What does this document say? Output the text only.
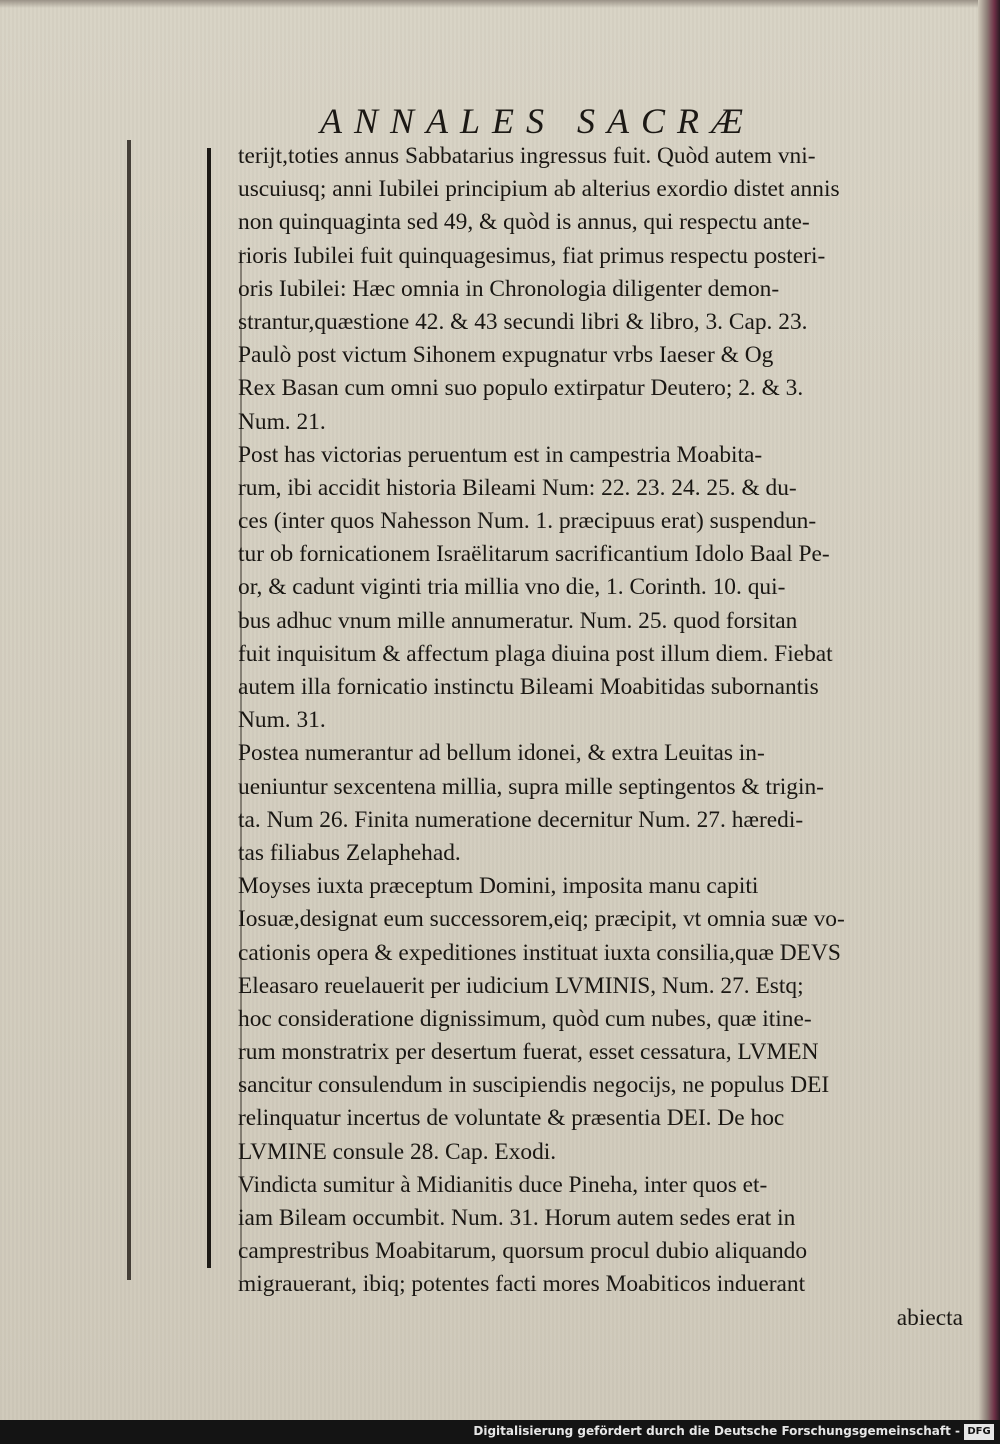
ANNALES SACRÆ
terijt,toties annus Sabbatarius ingressus fuit. Quòd autem vni-
uscuiusq; anni Iubilei principium ab alterius exordio distet annis
non quinquaginta sed 49, & quòd is annus, qui respectu ante-
rioris Iubilei fuit quinquagesimus, fiat primus respectu posteri-
oris Iubilei: Hæc omnia in Chronologia diligenter demon-
strantur,quæstione 42. & 43 secundi libri & libro, 3. Cap. 23.
Paulò post victum Sihonem expugnatur vrbs Iaeser & Og
Rex Basan cum omni suo populo extirpatur Deutero; 2. & 3.
Num. 21.
Post has victorias peruentum est in campestria Moabita-
rum, ibi accidit historia Bileami Num: 22. 23. 24. 25. & du-
ces (inter quos Nahesson Num. 1. præcipuus erat) suspendun-
tur ob fornicationem Israëlitarum sacrificantium Idolo Baal Pe-
or, & cadunt viginti tria millia vno die, 1. Corinth. 10. qui-
bus adhuc vnum mille annumeratur. Num. 25. quod forsitan
fuit inquisitum & affectum plaga diuina post illum diem. Fiebat
autem illa fornicatio instinctu Bileami Moabitidas subornantis
Num. 31.
Postea numerantur ad bellum idonei, & extra Leuitas in-
ueniuntur sexcentena millia, supra mille septingentos & trigin-
ta. Num 26. Finita numeratione decernitur Num. 27. hæredi-
tas filiabus Zelaphehad.
Moyses iuxta præceptum Domini, imposita manu capiti
Iosuæ,designat eum successorem,eiq; præcipit, vt omnia suæ vo-
cationis opera & expeditiones instituat iuxta consilia,quæ DEVS
Eleasaro reuelauerit per iudicium LVMINIS, Num. 27. Estq;
hoc consideratione dignissimum, quòd cum nubes, quæ itine-
rum monstratrix per desertum fuerat, esset cessatura, LVMEN
sancitur consulendum in suscipiendis negocijs, ne populus DEI
relinquatur incertus de voluntate & præsentia DEI. De hoc
LVMINE consule 28. Cap. Exodi.
Vindicta sumitur à Midianitis duce Pineha, inter quos et-
iam Bileam occumbit. Num. 31. Horum autem sedes erat in
camprestribus Moabitarum, quorsum procul dubio aliquando
migrauerant, ibiq; potentes facti mores Moabiticos induerant
abiecta
Digitalisierung gefördert durch die Deutsche Forschungsgemeinschaft - DFG
